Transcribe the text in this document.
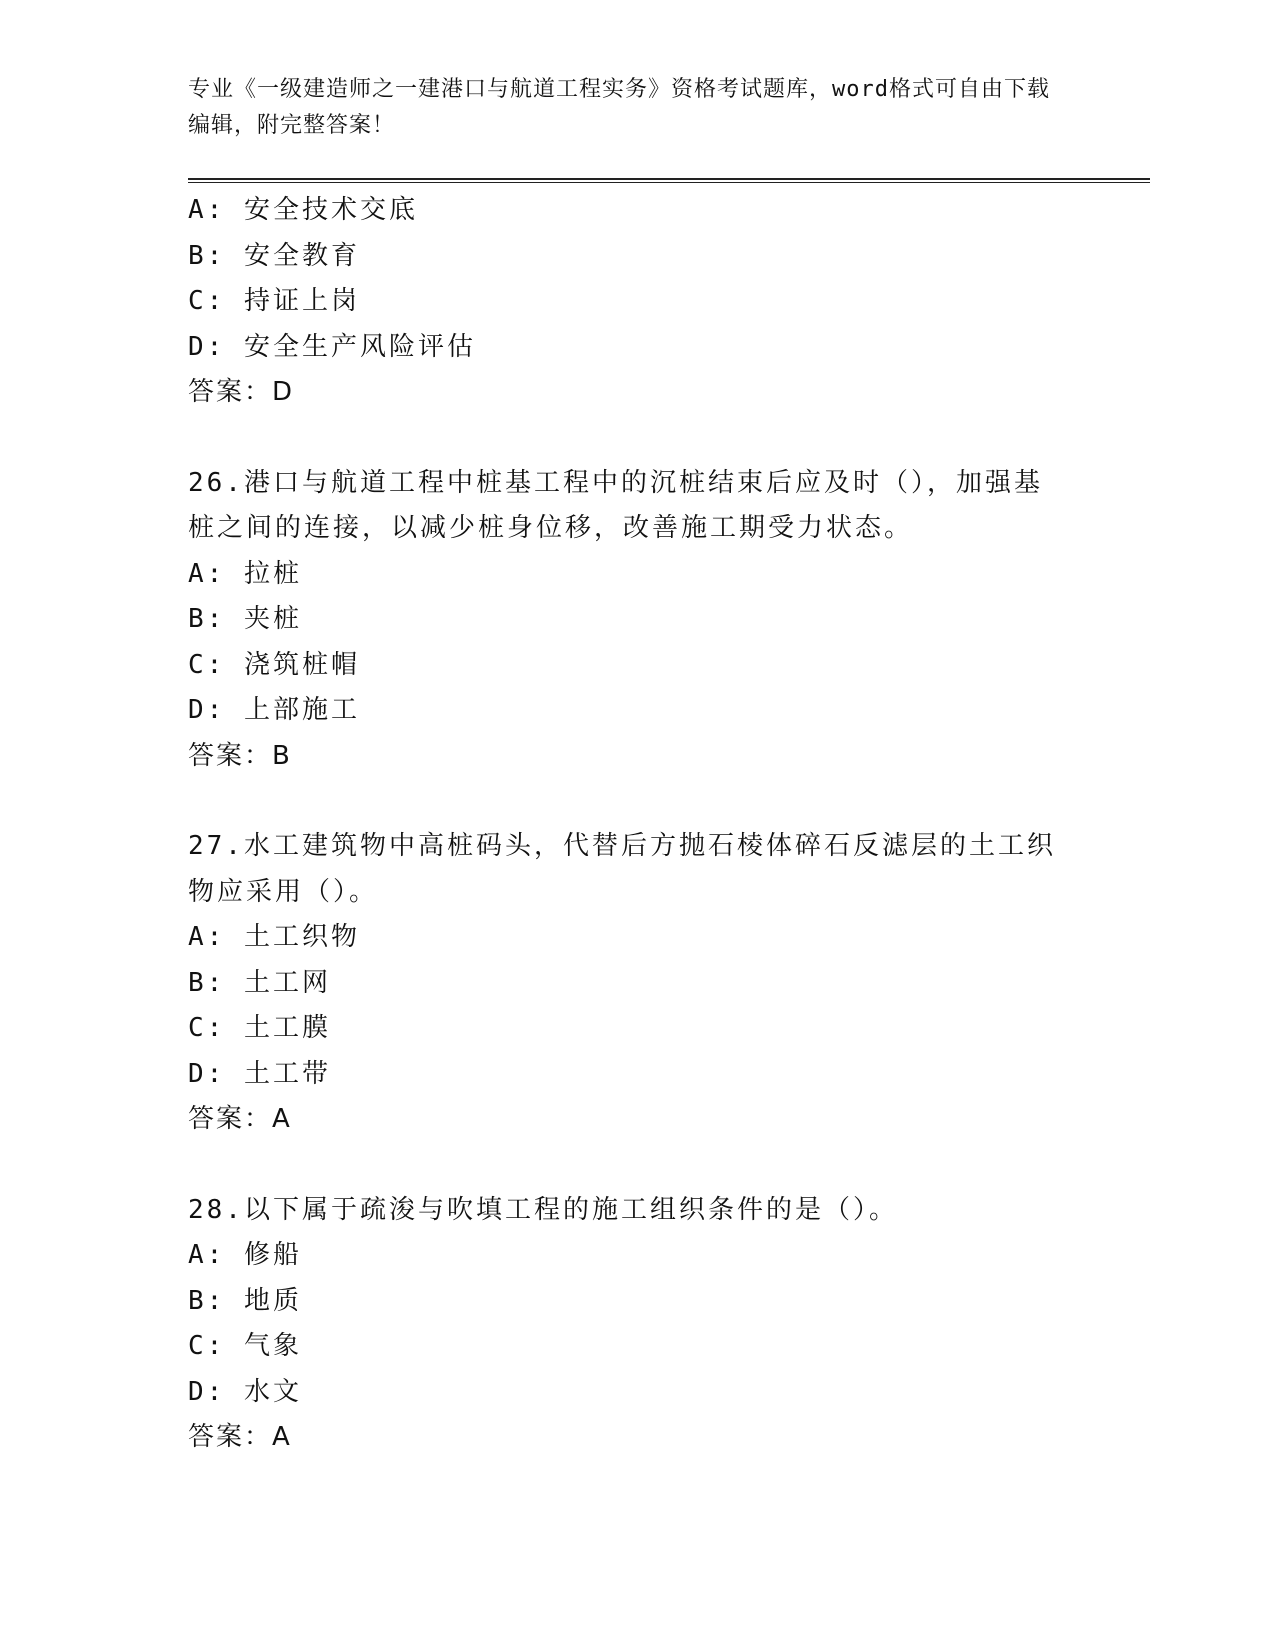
专业《一级建造师之一建港口与航道工程实务》资格考试题库，word格式可自由下载编辑，附完整答案！
A: 安全技术交底
B: 安全教育
C: 持证上岗
D: 安全生产风险评估
答案：D
26.港口与航道工程中桩基工程中的沉桩结束后应及时（），加强基桩之间的连接，以减少桩身位移，改善施工期受力状态。
A: 拉桩
B: 夹桩
C: 浇筑桩帽
D: 上部施工
答案：B
27.水工建筑物中高桩码头，代替后方抛石棱体碎石反滤层的土工织物应采用（）。
A: 土工织物
B: 土工网
C: 土工膜
D: 土工带
答案：A
28.以下属于疏浚与吹填工程的施工组织条件的是（）。
A: 修船
B: 地质
C: 气象
D: 水文
答案：A
